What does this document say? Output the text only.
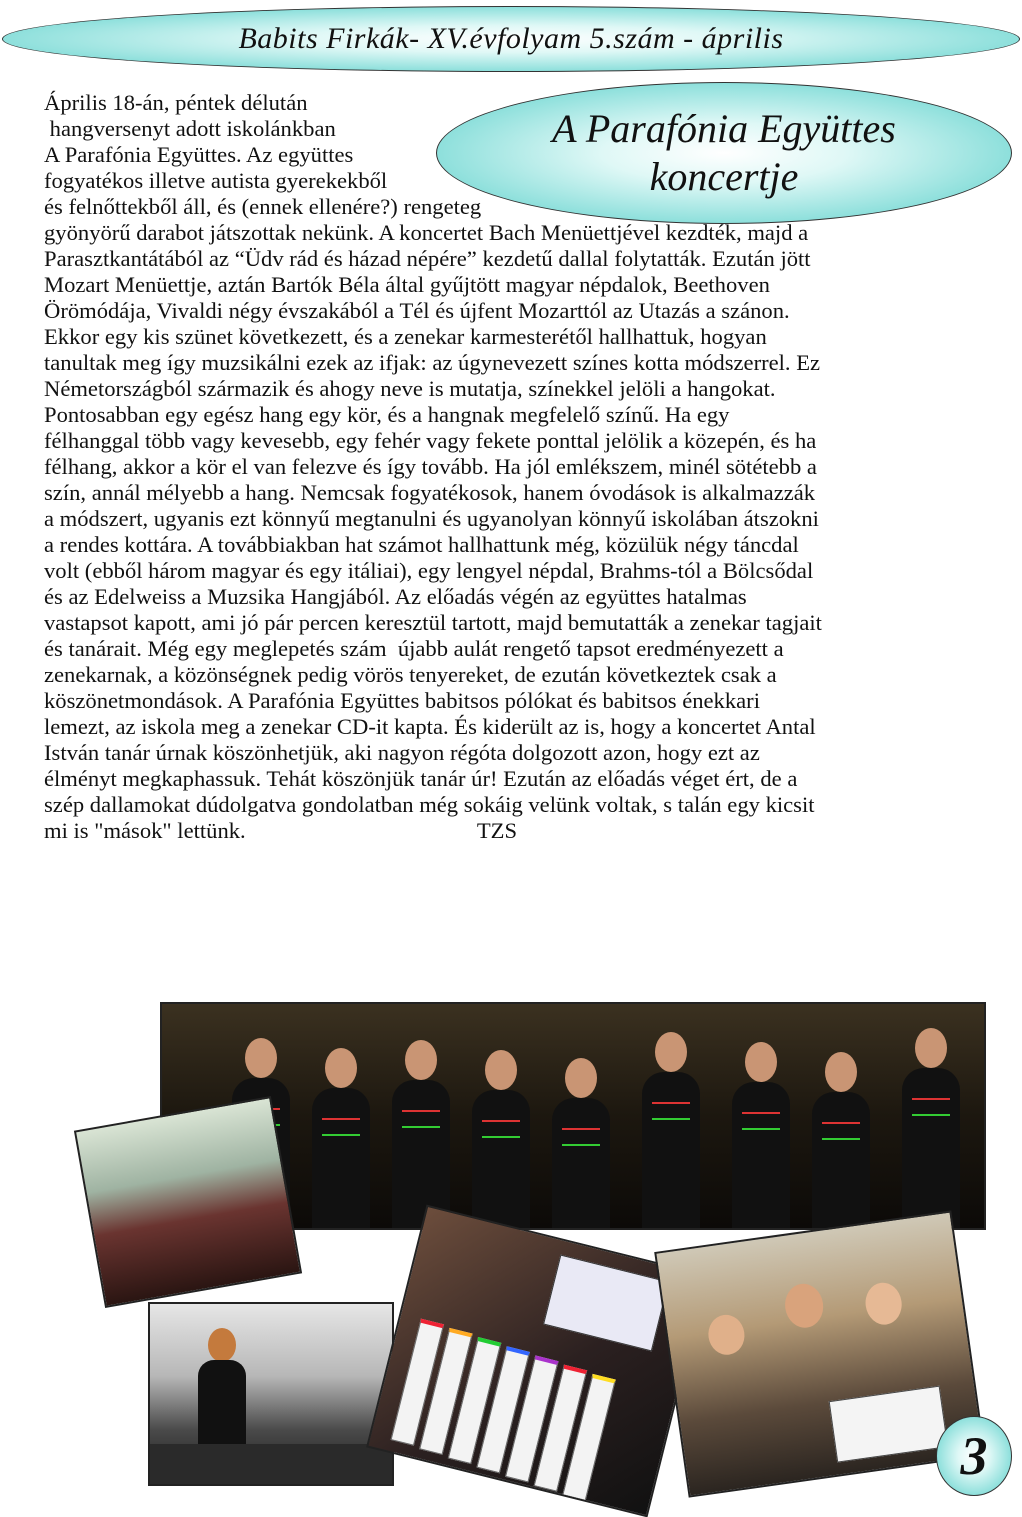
Babits Firkák- XV.évfolyam 5.szám - április
Április 18-án, péntek délután
hangversenyt adott iskolánkban
A Parafónia Együttes. Az együttes
fogyatékos illetve autista gyerekekből
és felnőttekből áll, és (ennek ellenére?) rengeteg
gyönyörű darabot játszottak nekünk. A koncertet Bach Menüettjével kezdték, majd a
Parasztkantátából az “Üdv rád és házad népére” kezdetű dallal folytatták. Ezután jött
Mozart Menüettje, aztán Bartók Béla által gyűjtött magyar népdalok, Beethoven
Örömódája, Vivaldi négy évszakából a Tél és újfent Mozarttól az Utazás a szánon.
Ekkor egy kis szünet következett, és a zenekar karmesterétől hallhattuk, hogyan
tanultak meg így muzsikálni ezek az ifjak: az úgynevezett színes kotta módszerrel. Ez
Németországból származik és ahogy neve is mutatja, színekkel jelöli a hangokat.
Pontosabban egy egész hang egy kör, és a hangnak megfelelő színű. Ha egy
félhanggal több vagy kevesebb, egy fehér vagy fekete ponttal jelölik a közepén, és ha
félhang, akkor a kör el van felezve és így tovább. Ha jól emlékszem, minél sötétebb a
szín, annál mélyebb a hang. Nemcsak fogyatékosok, hanem óvodások is alkalmazzák
a módszert, ugyanis ezt könnyű megtanulni és ugyanolyan könnyű iskolában átszokni
a rendes kottára. A továbbiakban hat számot hallhattunk még, közülük négy táncdal
volt (ebből három magyar és egy itáliai), egy lengyel népdal, Brahms-tól a Bölcsődal
és az Edelweiss a Muzsika Hangjából. Az előadás végén az együttes hatalmas
vastapsot kapott, ami jó pár percen keresztül tartott, majd bemutatták a zenekar tagjait
és tanárait. Még egy meglepetés szám  újabb aulát rengető tapsot eredményezett a
zenekarnak, a közönségnek pedig vörös tenyereket, de ezután következtek csak a
köszönetmondások. A Parafónia Együttes babitsos pólókat és babitsos énekkari
lemezt, az iskola meg a zenekar CD-it kapta. És kiderült az is, hogy a koncertet Antal
István tanár úrnak köszönhetjük, aki nagyon régóta dolgozott azon, hogy ezt az
élményt megkaphassuk. Tehát köszönjük tanár úr! Ezután az előadás véget ért, de a
szép dallamokat dúdolgatva gondolatban még sokáig velünk voltak, s talán egy kicsit
mi is "mások" lettünk.                                         TZS
A Parafónia Együttes
koncertje
3
